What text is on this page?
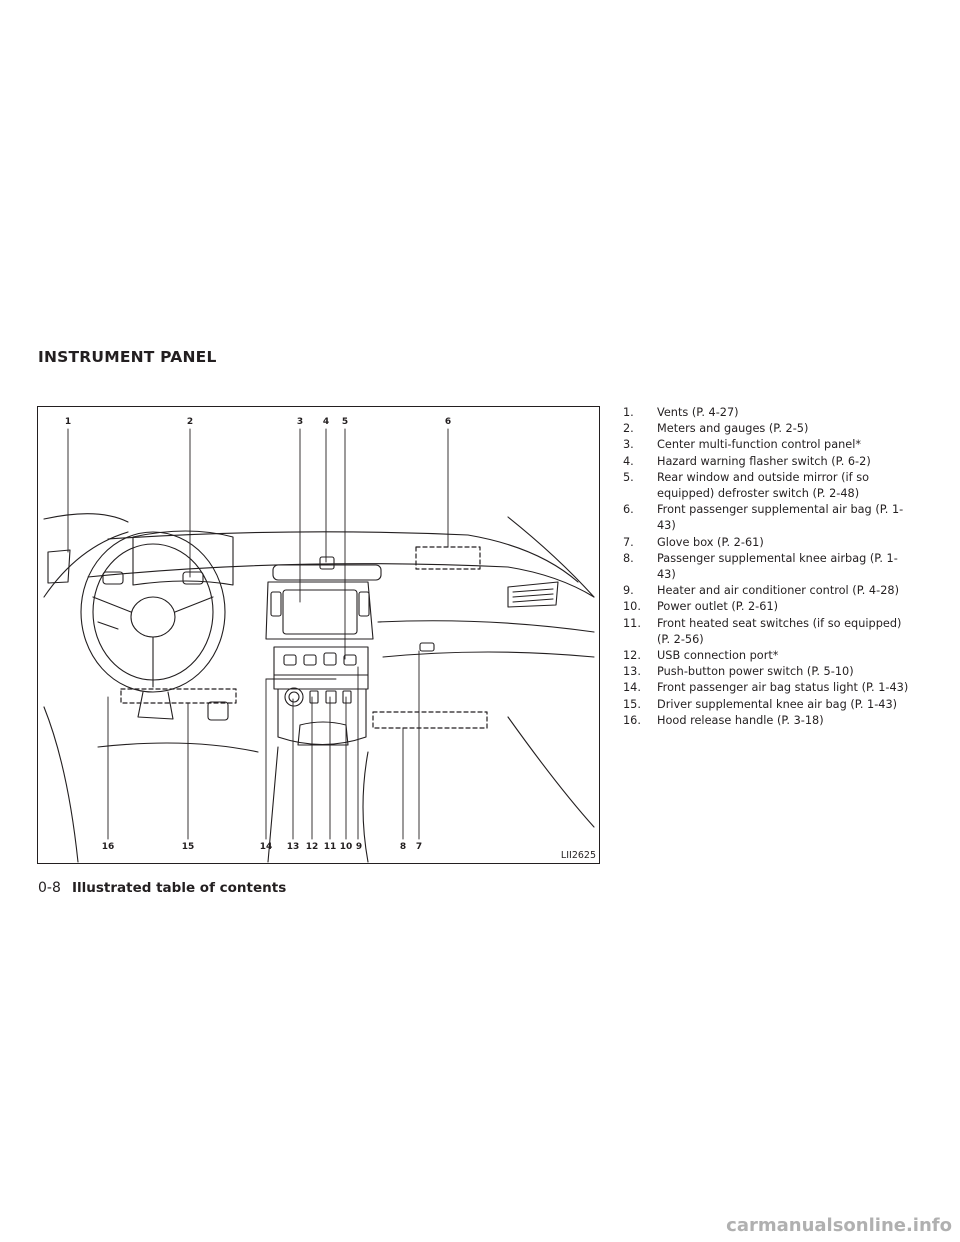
INSTRUMENT PANEL
1	2	3 4 5	6
16	15	14 13 12 11 10 9	8 7
LII2625
1. Vents (P. 4-27)
2. Meters and gauges (P. 2-5)
3. Center multi-function control panel*
4. Hazard warning flasher switch (P. 6-2)
5. Rear window and outside mirror (if so equipped) defroster switch (P. 2-48)
6. Front passenger supplemental air bag (P. 1-43)
7. Glove box (P. 2-61)
8. Passenger supplemental knee airbag (P. 1-43)
9. Heater and air conditioner control (P. 4-28)
10. Power outlet (P. 2-61)
11. Front heated seat switches (if so equipped) (P. 2-56)
12. USB connection port*
13. Push-button power switch (P. 5-10)
14. Front passenger air bag status light (P. 1-43)
15. Driver supplemental knee air bag (P. 1-43)
16. Hood release handle (P. 3-18)
0-8 Illustrated table of contents
carmanualsonline.info
